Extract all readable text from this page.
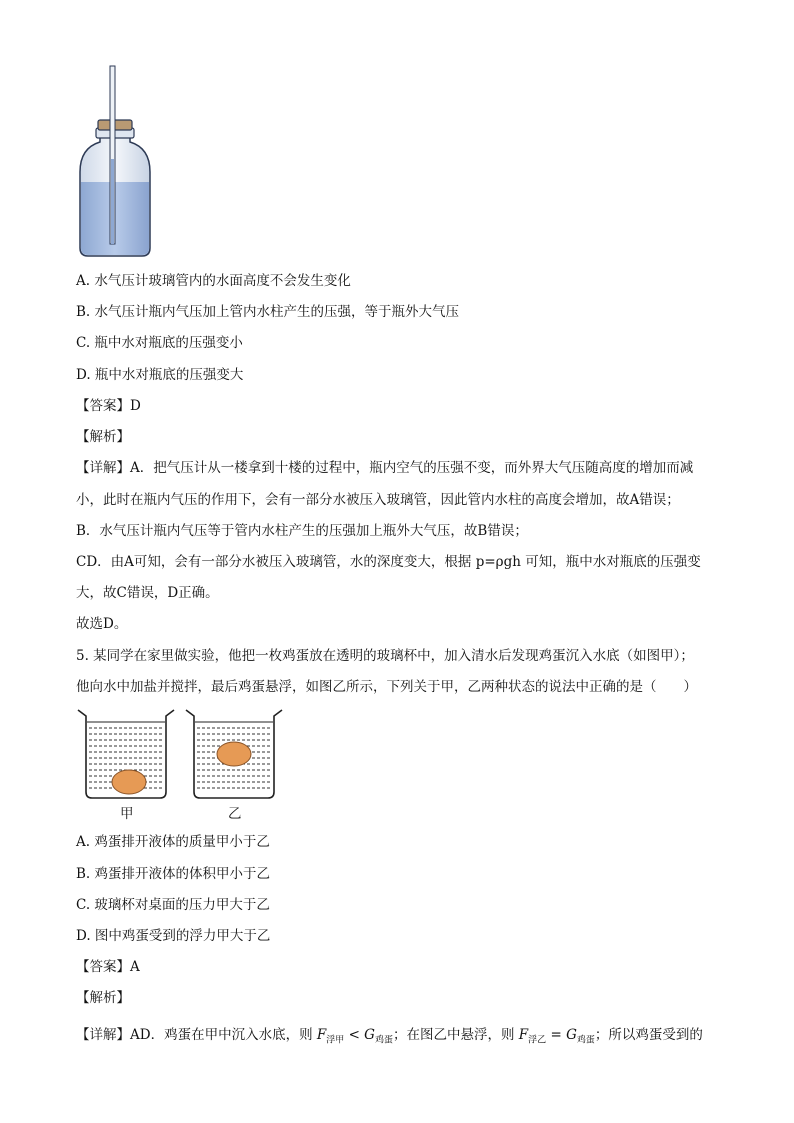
A. 水气压计玻璃管内的水面高度不会发生变化
B. 水气压计瓶内气压加上管内水柱产生的压强，等于瓶外大气压
C. 瓶中水对瓶底的压强变小
D. 瓶中水对瓶底的压强变大
【答案】D
【解析】
【详解】A．把气压计从一楼拿到十楼的过程中，瓶内空气的压强不变，而外界大气压随高度的增加而减
小，此时在瓶内气压的作用下，会有一部分水被压入玻璃管，因此管内水柱的高度会增加，故A错误；
B．水气压计瓶内气压等于管内水柱产生的压强加上瓶外大气压，故B错误；
CD．由A可知，会有一部分水被压入玻璃管，水的深度变大，根据 p=ρgh 可知，瓶中水对瓶底的压强变
大，故C错误，D正确。
故选D。
5. 某同学在家里做实验，他把一枚鸡蛋放在透明的玻璃杯中，加入清水后发现鸡蛋沉入水底（如图甲）；
他向水中加盐并搅拌，最后鸡蛋悬浮，如图乙所示，下列关于甲，乙两种状态的说法中正确的是（　　）
甲	乙
A. 鸡蛋排开液体的质量甲小于乙
B. 鸡蛋排开液体的体积甲小于乙
C. 玻璃杯对桌面的压力甲大于乙
D. 图中鸡蛋受到的浮力甲大于乙
【答案】A
【解析】
【详解】AD．鸡蛋在甲中沉入水底，则 $F_{浮甲} < G_{鸡蛋}$；在图乙中悬浮，则 $F_{浮乙} = G_{鸡蛋}$；所以鸡蛋受到的
